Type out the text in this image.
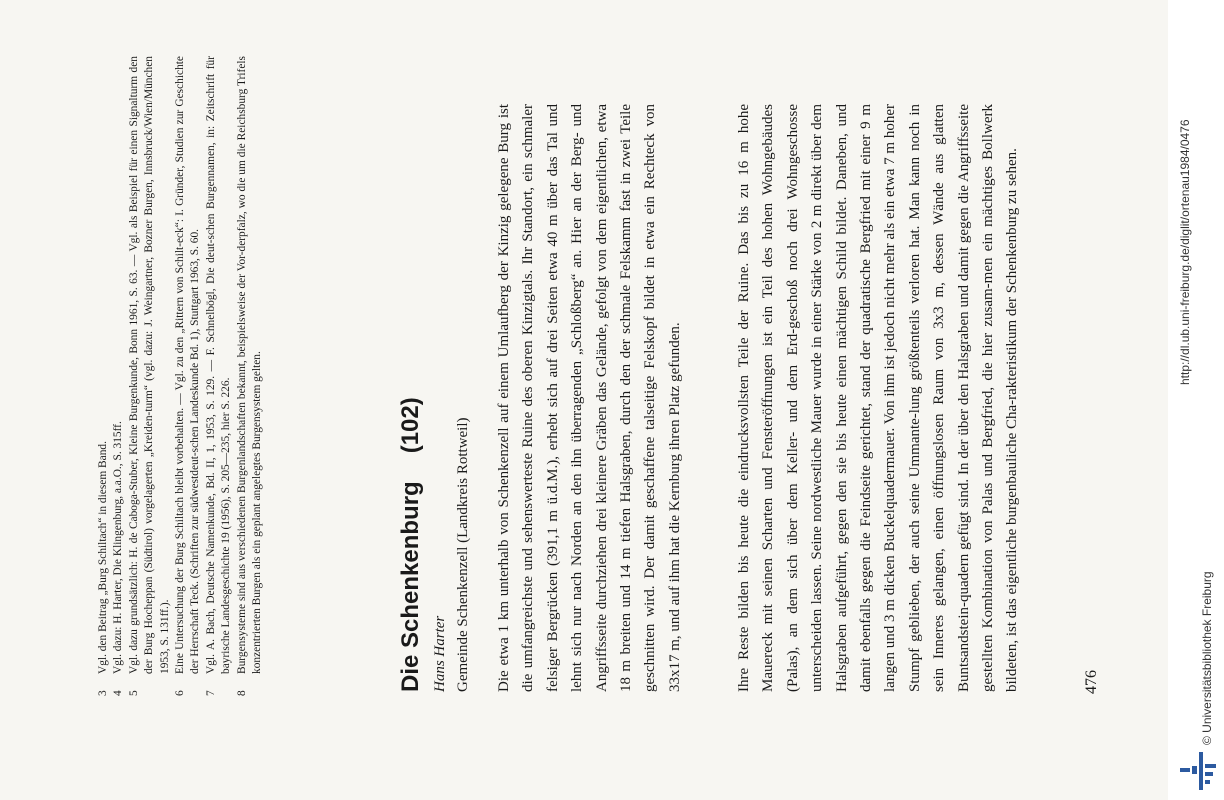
3
Vgl. den Beitrag „Burg Schiltach“ in diesem Band.
4
Vgl. dazu: H. Harter, Die Klingenburg, a.a.O., S. 315ff.
5
Vgl. dazu grundsätzlich: H. de Caboga-Stuber, Kleine Burgenkunde, Bonn 1961, S. 63. — Vgl. als Beispiel für einen Signalturm den der Burg Hocheppan (Südtirol) vorgelagerten „Kreiden-turm“ (vgl. dazu: J. Weingartner, Bozner Burgen, Innsbruck/Wien/München 1953, S. 131ff.).
6
Eine Untersuchung der Burg Schiltach bleibt vorbehalten. — Vgl. zu den „Rittern von Schilt-eck“: I. Gründer, Studien zur Geschichte der Herrschaft Teck. (Schriften zur südwestdeut-schen Landeskunde Bd. 1), Stuttgart 1963, S. 60.
7
Vgl. A. Bach, Deutsche Namenkunde, Bd. II, 1, 1953, S. 129. — F. Schnelbögl, Die deut-schen Burgennamen, in: Zeitschrift für bayrische Landesgeschichte 19 (1956), S. 205—235, hier S. 226.
8
Burgensysteme sind aus verschiedenen Burgenlandschaften bekannt, beispielsweise der Vor-derpfalz, wo die um die Reichsburg Trifels konzentrierten Burgen als ein geplant angelegtes Burgensystem gelten.	Die Schenkenburg(102)
Hans Harter Gemeinde Schenkenzell (Landkreis Rottweil) Die etwa 1 km unterhalb von Schenkenzell auf einem Umlaufberg der Kinzig gelegene Burg ist die umfangreichste und sehenswerteste Ruine des oberen Kinzigtals. Ihr Standort, ein schmaler felsiger Bergrücken (391,1 m ü.d.M.), erhebt sich auf drei Seiten etwa 40 m über das Tal und lehnt sich nur nach Norden an den ihn überragenden „Schloßberg“ an. Hier an der Berg- und Angriffsseite durchziehen drei kleinere Gräben das Gelände, gefolgt von dem eigentlichen, etwa 18 m breiten und 14 m tiefen Halsgraben, durch den der schmale Felskamm fast in zwei Teile geschnitten wird. Der damit geschaffene talseitige Felskopf bildet in etwa ein Rechteck von 33x17 m, und auf ihm hat die Kernburg ihren Platz gefunden.	Ihre Reste bilden bis heute die eindrucksvollsten Teile der Ruine. Das bis zu 16 m hohe Mauereck mit seinen Scharten und Fensteröffnungen ist ein Teil des hohen Wohngebäudes (Palas), an dem sich über dem Keller- und dem Erd-geschoß noch drei Wohngeschosse unterscheiden lassen. Seine nordwestliche Mauer wurde in einer Stärke von 2 m direkt über dem Halsgraben aufgeführt, gegen den sie bis heute einen mächtigen Schild bildet. Daneben, und damit ebenfalls gegen die Feindseite gerichtet, stand der quadratische Bergfried mit einer 9 m langen und 3 m dicken Buckelquadermauer. Von ihm ist jedoch nicht mehr als ein etwa 7 m hoher Stumpf geblieben, der auch seine Ummante-lung größtenteils verloren hat. Man kann noch in sein Inneres gelangen, einen öffnungslosen Raum von 3x3 m, dessen Wände aus glatten Buntsandstein-quadern gefügt sind. In der über den Halsgraben und damit gegen die Angriffsseite gestellten Kombination von Palas und Bergfried, die hier zusam-men ein mächtiges Bollwerk bildeten, ist das eigentliche burgenbauliche Cha-rakteristikum der Schenkenburg zu sehen.	476
http://dl.ub.uni-freiburg.de/diglit/ortenau1984/0476
© Universitätsbibliothek Freiburg
